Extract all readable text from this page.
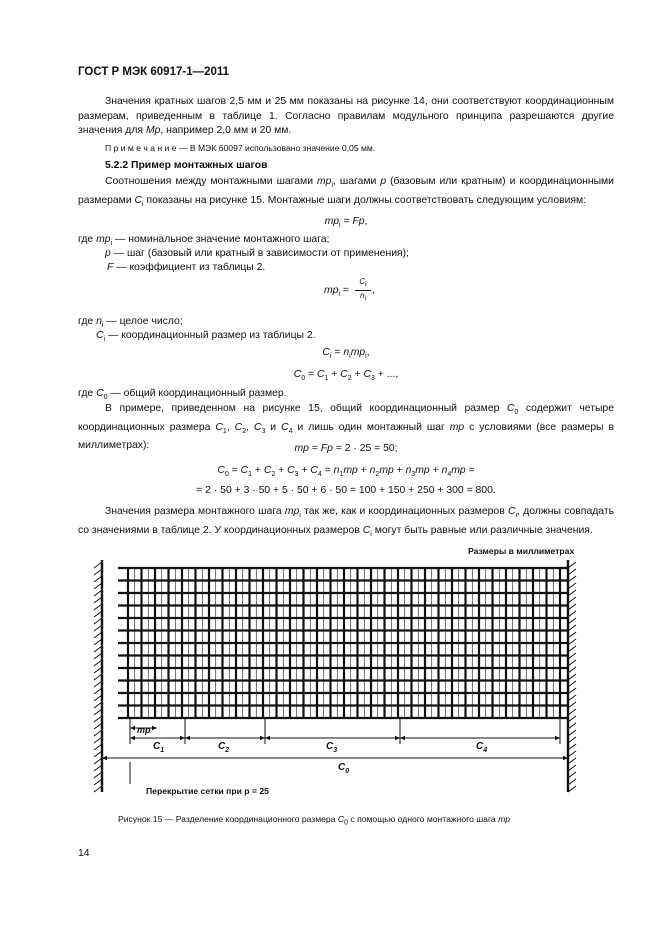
ГОСТ Р МЭК 60917-1—2011
Значения кратных шагов 2,5 мм и 25 мм показаны на рисунке 14, они соответствуют координационным размерам, приведенным в таблице 1. Согласно правилам модульного принципа разрешаются другие значения для Mp, например 2,0 мм и 20 мм.
П р и м е ч а н и е — В МЭК 60097 использовано значение 0,05 мм.
5.2.2 Пример монтажных шагов
Соотношения между монтажными шагами $mp_i$, шагами p (базовым или кратным) и координационными размерами $C_i$ показаны на рисунке 15. Монтажные шаги должны соответствовать следующим условиям:
$mp_i = Fp$,
где $mp_i$ — номинальное значение монтажного шага;
p — шаг (базовый или кратный в зависимости от применения);
F — коэффициент из таблицы 2.
$mp_i$ =
$C_i$
$n_i$
,
где $n_i$ — целое число;
$C_i$ — координационный размер из таблицы 2.
$C_i = n_imp_i$,
$C_0 = C_1 + C_2 + C_3$ + ...,
где $C_0$ — общий координационный размер.
В примере, приведенном на рисунке 15, общий координационный размер $C_0$ содержит четыре координационных размера $C_1$, $C_2$, $C_3$ и $C_4$ и лишь один монтажный шаг mp с условиями (все размеры в миллиметрах):	mp = Fp = 2 · 25 = 50;
$C_0 = C_1 + C_2 + C_3 + C_4 = n_1mp + n_2mp + n_3mp + n_4mp$ =
= 2 · 50 + 3 · 50 + 5 · 50 + 6 · 50 = 100 + 150 + 250 + 300 = 800.
Значения размера монтажного шага $mp_i$ так же, как и координационных размеров $C_i$, должны совпадать со значениями в таблице 2. У координационных размеров $C_i$ могут быть равные или различные значения.
Размеры в миллиметрах
mp
$C_1$	$C_2$	$C_3$	$C_4$
$C_0$
Перекрытие сетки при p = 25
Рисунок 15 — Разделение координационного размера $C_0$ с помощью одного монтажного шага mp
14
